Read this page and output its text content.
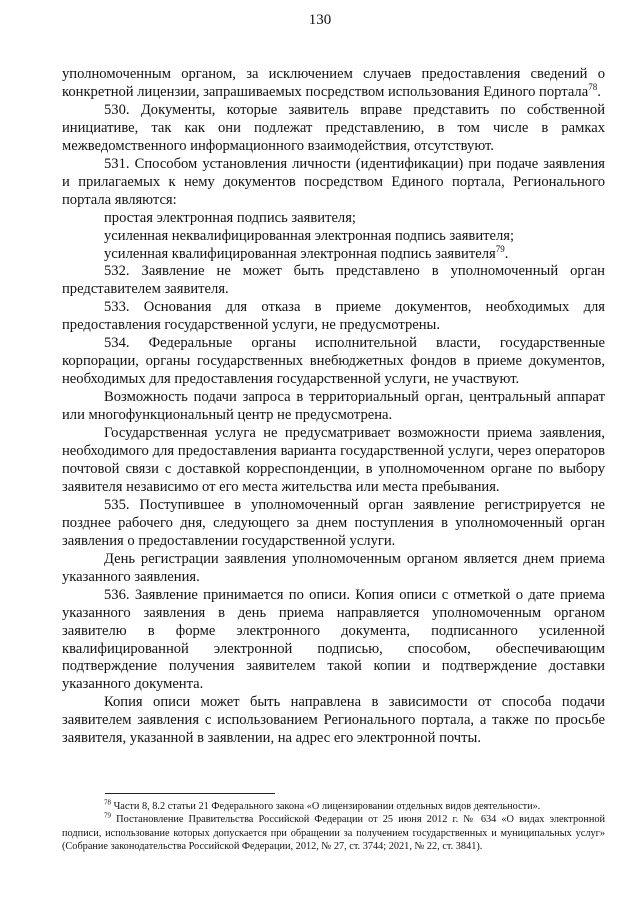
130

уполномоченным органом, за исключением случаев предоставления сведений о конкретной лицензии, запрашиваемых посредством использования Единого портала$^{78}$.

530. Документы, которые заявитель вправе представить по собственной инициативе, так как они подлежат представлению, в том числе в рамках межведомственного информационного взаимодействия, отсутствуют.

531. Способом установления личности (идентификации) при подаче заявления и прилагаемых к нему документов посредством Единого портала, Регионального портала являются:

простая электронная подпись заявителя;

усиленная неквалифицированная электронная подпись заявителя;

усиленная квалифицированная электронная подпись заявителя$^{79}$.

532. Заявление не может быть представлено в уполномоченный орган представителем заявителя.

533. Основания для отказа в приеме документов, необходимых для предоставления государственной услуги, не предусмотрены.

534. Федеральные органы исполнительной власти, государственные корпорации, органы государственных внебюджетных фондов в приеме документов, необходимых для предоставления государственной услуги, не участвуют.

Возможность подачи запроса в территориальный орган, центральный аппарат или многофункциональный центр не предусмотрена.

Государственная услуга не предусматривает возможности приема заявления, необходимого для предоставления варианта государственной услуги, через операторов почтовой связи с доставкой корреспонденции, в уполномоченном органе по выбору заявителя независимо от его места жительства или места пребывания.

535. Поступившее в уполномоченный орган заявление регистрируется не позднее рабочего дня, следующего за днем поступления в уполномоченный орган заявления о предоставлении государственной услуги.

День регистрации заявления уполномоченным органом является днем приема указанного заявления.

536. Заявление принимается по описи. Копия описи с отметкой о дате приема указанного заявления в день приема направляется уполномоченным органом заявителю в форме электронного документа, подписанного усиленной квалифицированной электронной подписью, способом, обеспечивающим подтверждение получения заявителем такой копии и подтверждение доставки указанного документа.

Копия описи может быть направлена в зависимости от способа подачи заявителем заявления с использованием Регионального портала, а также по просьбе заявителя, указанной в заявлении, на адрес его электронной почты.

$^{78}$ Части 8, 8.2 статьи 21 Федерального закона «О лицензировании отдельных видов деятельности».

$^{79}$ Постановление Правительства Российской Федерации от 25 июня 2012 г. № 634 «О видах электронной подписи, использование которых допускается при обращении за получением государственных и муниципальных услуг» (Собрание законодательства Российской Федерации, 2012, № 27, ст. 3744; 2021, № 22, ст. 3841).
